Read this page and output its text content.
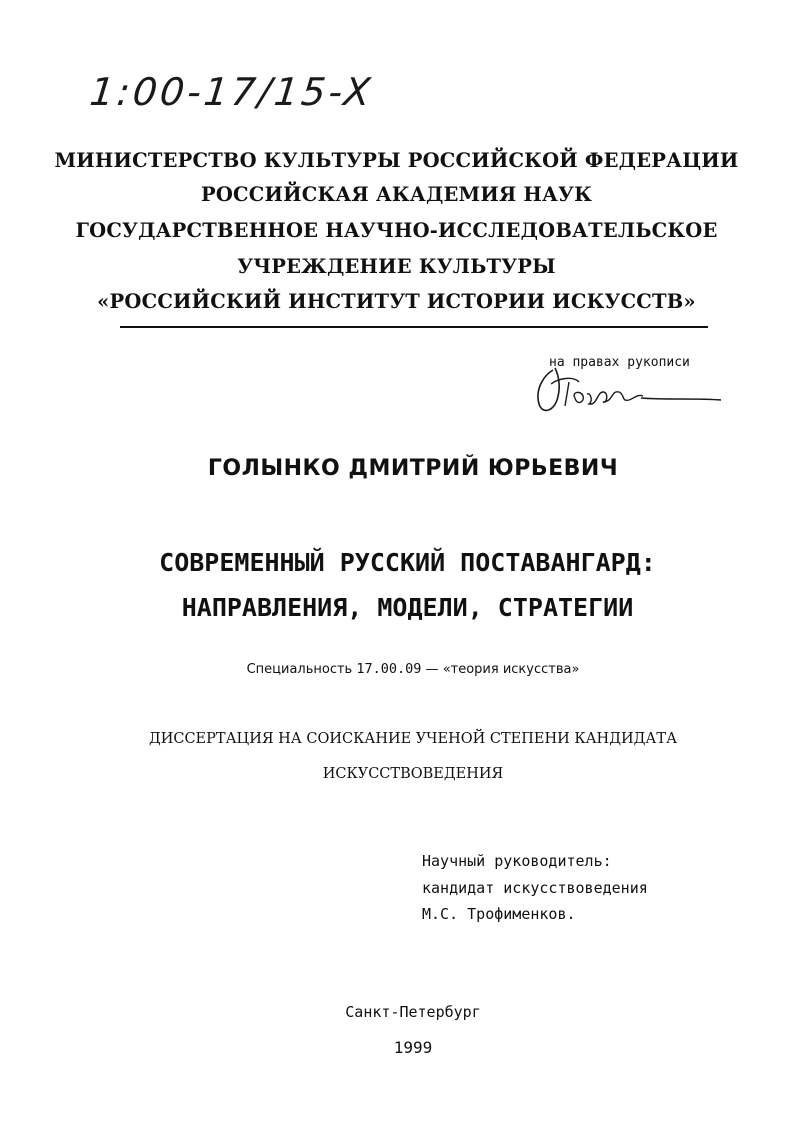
1:00-17/15-X
МИНИСТЕРСТВО КУЛЬТУРЫ РОССИЙСКОЙ ФЕДЕРАЦИИ
РОССИЙСКАЯ АКАДЕМИЯ НАУК
ГОСУДАРСТВЕННОЕ НАУЧНО-ИССЛЕДОВАТЕЛЬСКОЕ
УЧРЕЖДЕНИЕ КУЛЬТУРЫ
«РОССИЙСКИЙ ИНСТИТУТ ИСТОРИИ ИСКУССТВ»
на правах рукописи
ГОЛЫНКО ДМИТРИЙ ЮРЬЕВИЧ
СОВРЕМЕННЫЙ РУССКИЙ ПОСТАВАНГАРД:
НАПРАВЛЕНИЯ, МОДЕЛИ, СТРАТЕГИИ
Специальность 17.00.09 — «теория искусства»
ДИССЕРТАЦИЯ НА СОИСКАНИЕ УЧЕНОЙ СТЕПЕНИ КАНДИДАТА
ИСКУССТВОВЕДЕНИЯ
Научный руководитель:
кандидат искусствоведения
М.С. Трофименков.
Санкт-Петербург
1999
